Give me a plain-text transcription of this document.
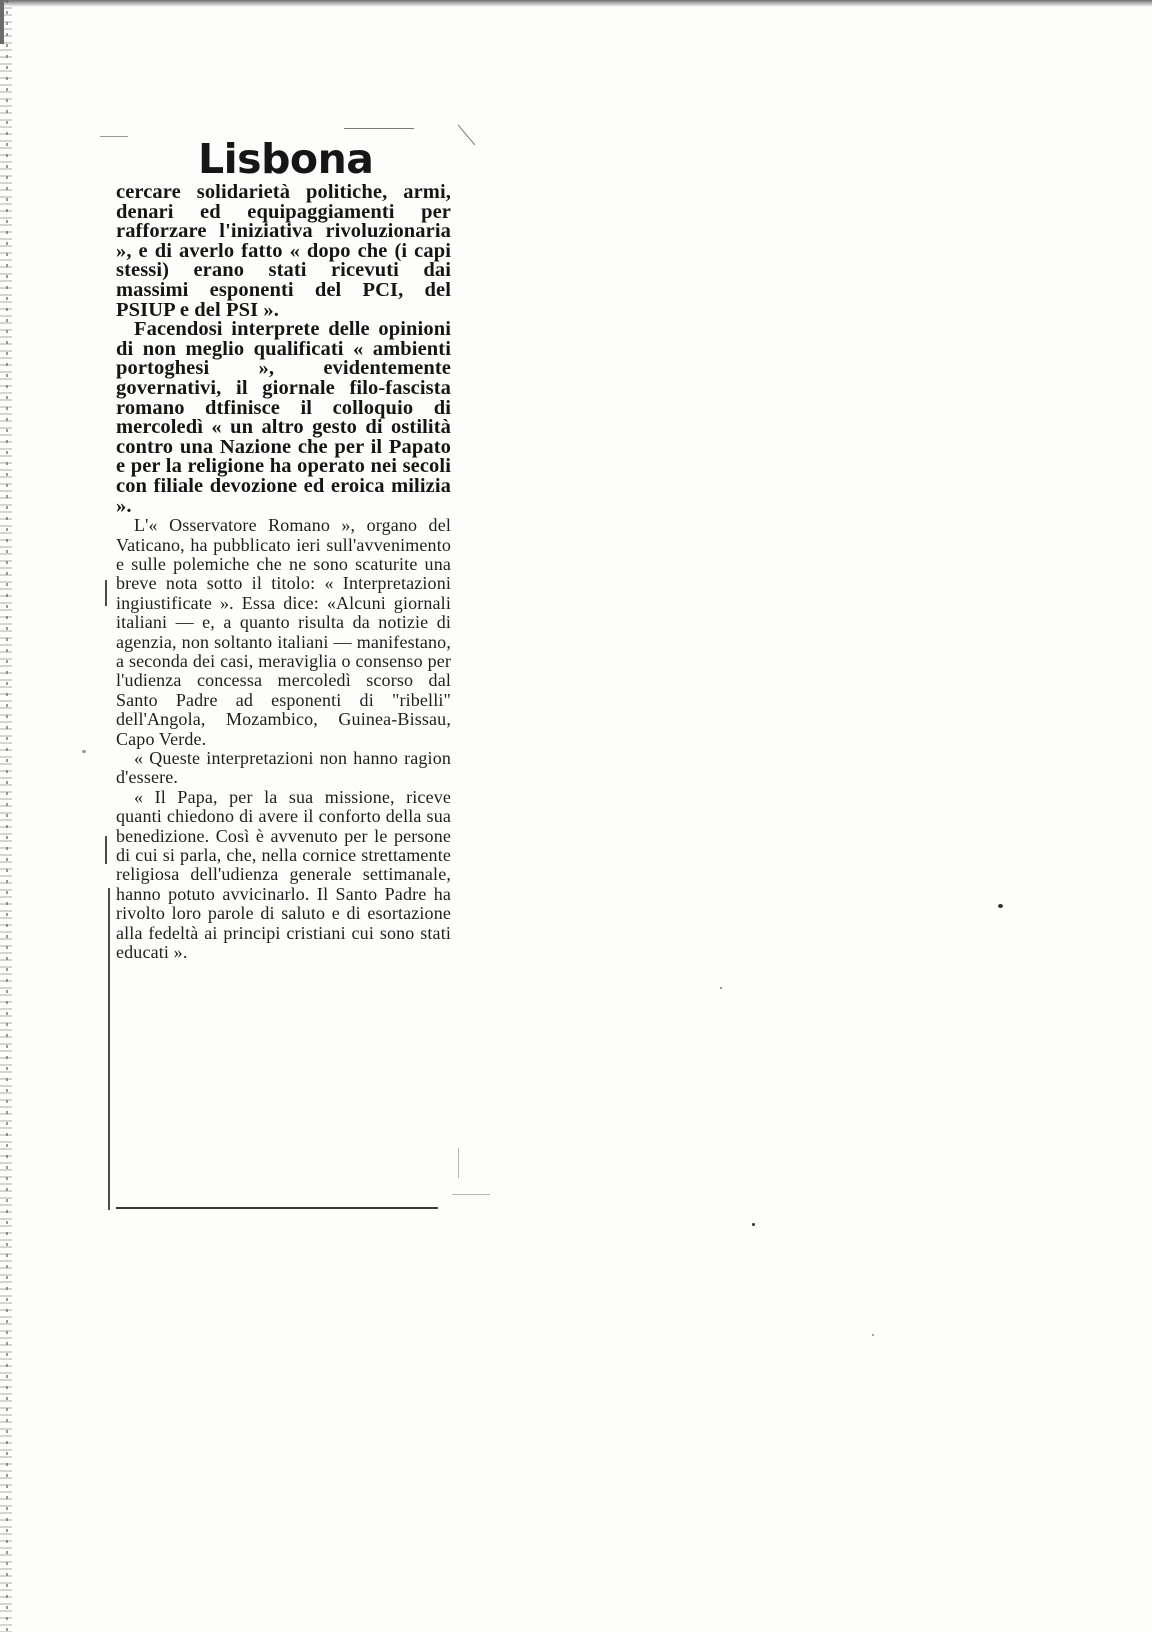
Lisbona

cercare solidarietà politiche, armi, denari ed equipaggiamenti per rafforzare l'iniziativa rivoluzionaria », e di averlo fatto « dopo che (i capi stessi) erano stati ricevuti dai massimi esponenti del PCI, del PSIUP e del PSI ».

Facendosi interprete delle opinioni di non meglio qualificati « ambienti portoghesi », evidentemente governativi, il giornale filo-fascista romano dtfinisce il colloquio di mercoledì « un altro gesto di ostilità contro una Nazione che per il Papato e per la religione ha operato nei secoli con filiale devozione ed eroica milizia ».

L'« Osservatore Romano », organo del Vaticano, ha pubblicato ieri sull'avvenimento e sulle polemiche che ne sono scaturite una breve nota sotto il titolo: « Interpretazioni ingiustificate ». Essa dice: «Alcuni giornali italiani — e, a quanto risulta da notizie di agenzia, non soltanto italiani — manifestano, a seconda dei casi, meraviglia o consenso per l'udienza concessa mercoledì scorso dal Santo Padre ad esponenti di "ribelli" dell'Angola, Mozambico, Guinea-Bissau, Capo Verde.

« Queste interpretazioni non hanno ragion d'essere.

« Il Papa, per la sua missione, riceve quanti chiedono di avere il conforto della sua benedizione. Così è avvenuto per le persone di cui si parla, che, nella cornice strettamente religiosa dell'udienza generale settimanale, hanno potuto avvicinarlo. Il Santo Padre ha rivolto loro parole di saluto e di esortazione alla fedeltà ai principi cristiani cui sono stati educati ».
